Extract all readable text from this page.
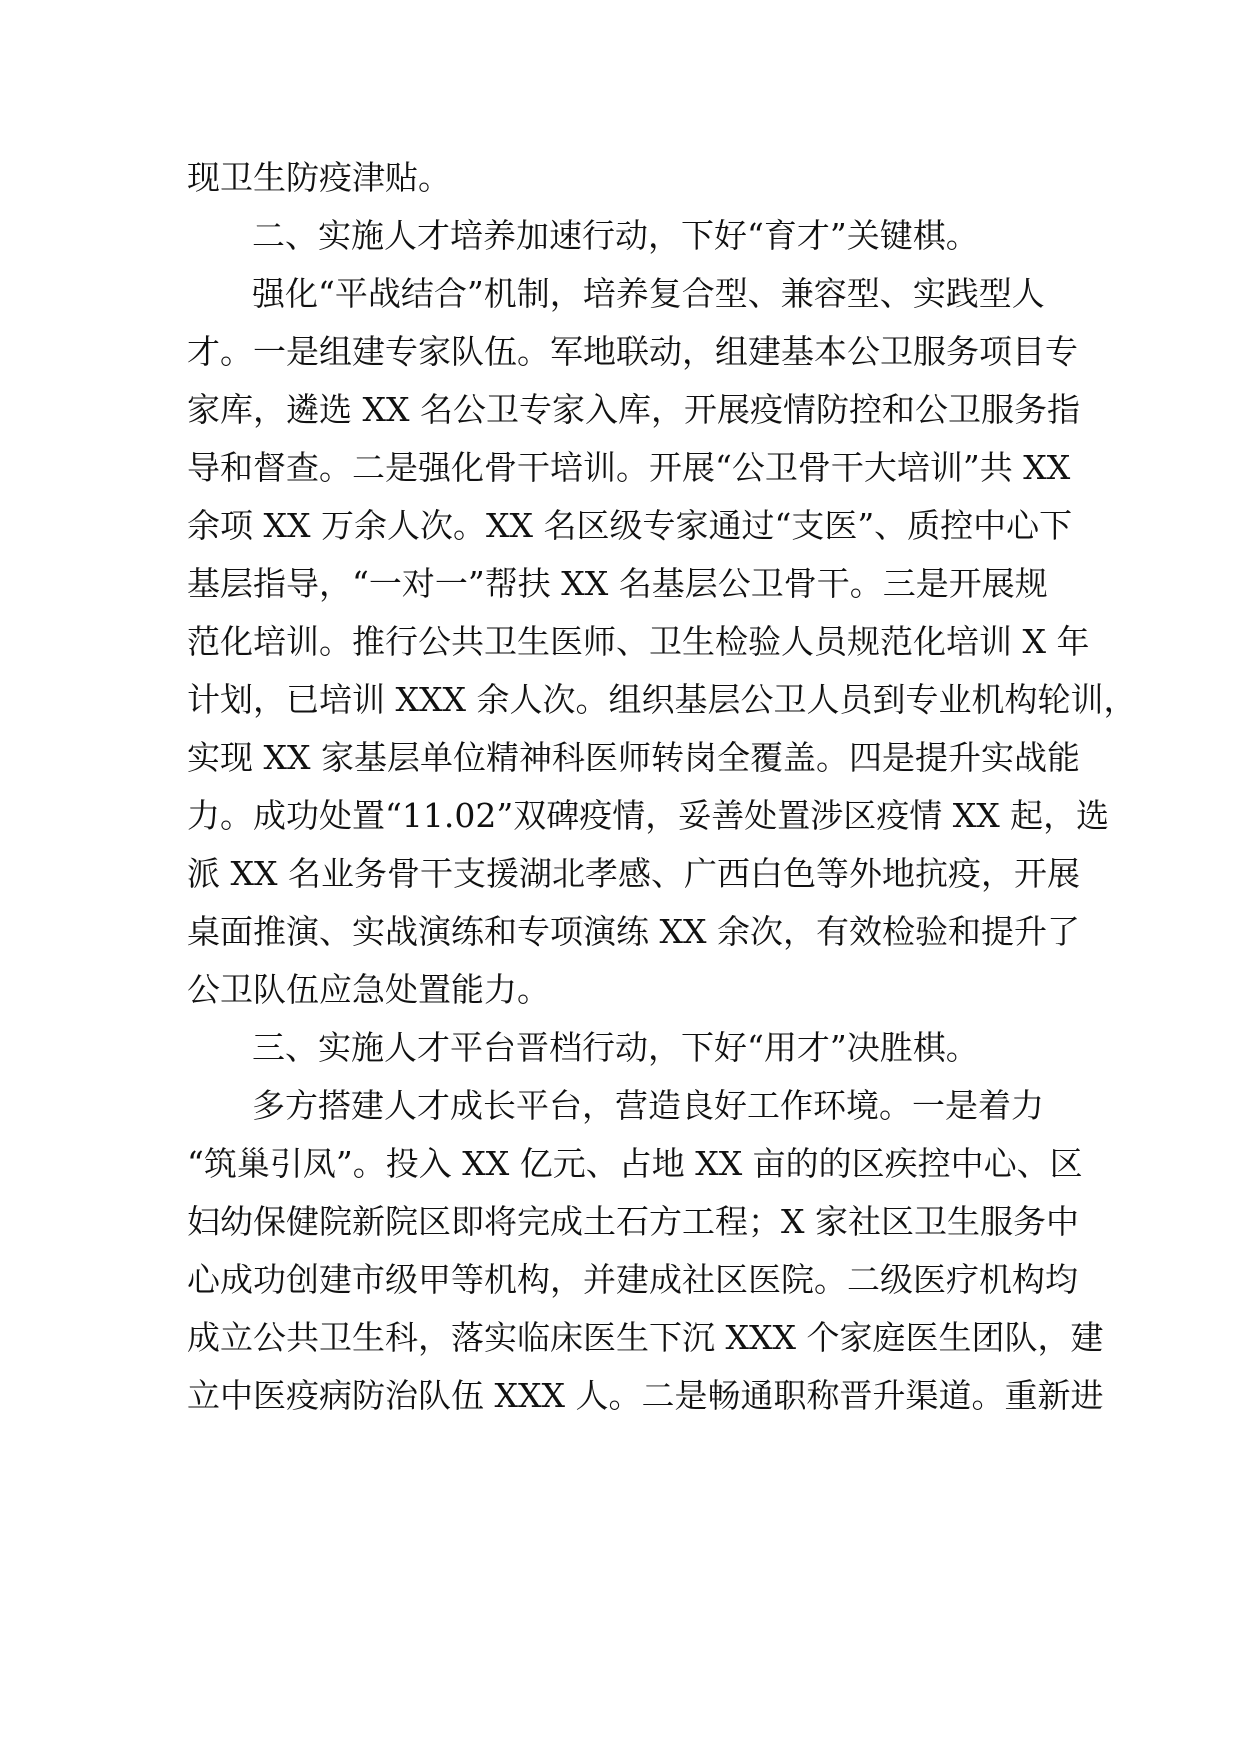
现卫生防疫津贴。

二、实施人才培养加速行动，下好“育才”关键棋。

强化“平战结合”机制，培养复合型、兼容型、实践型人

才。一是组建专家队伍。军地联动，组建基本公卫服务项目专

家库，遴选 XX 名公卫专家入库，开展疫情防控和公卫服务指

导和督查。二是强化骨干培训。开展“公卫骨干大培训”共 XX

余项 XX 万余人次。XX 名区级专家通过“支医”、质控中心下

基层指导，“一对一”帮扶 XX 名基层公卫骨干。三是开展规

范化培训。推行公共卫生医师、卫生检验人员规范化培训 X 年

计划，已培训 XXX 余人次。组织基层公卫人员到专业机构轮训，

实现 XX 家基层单位精神科医师转岗全覆盖。四是提升实战能

力。成功处置“11.02”双碑疫情，妥善处置涉区疫情 XX 起，选

派 XX 名业务骨干支援湖北孝感、广西白色等外地抗疫，开展

桌面推演、实战演练和专项演练 XX 余次，有效检验和提升了

公卫队伍应急处置能力。

三、实施人才平台晋档行动，下好“用才”决胜棋。

多方搭建人才成长平台，营造良好工作环境。一是着力

“筑巢引凤”。投入 XX 亿元、占地 XX 亩的的区疾控中心、区

妇幼保健院新院区即将完成土石方工程；X 家社区卫生服务中

心成功创建市级甲等机构，并建成社区医院。二级医疗机构均

成立公共卫生科，落实临床医生下沉 XXX 个家庭医生团队，建

立中医疫病防治队伍 XXX 人。二是畅通职称晋升渠道。重新进
